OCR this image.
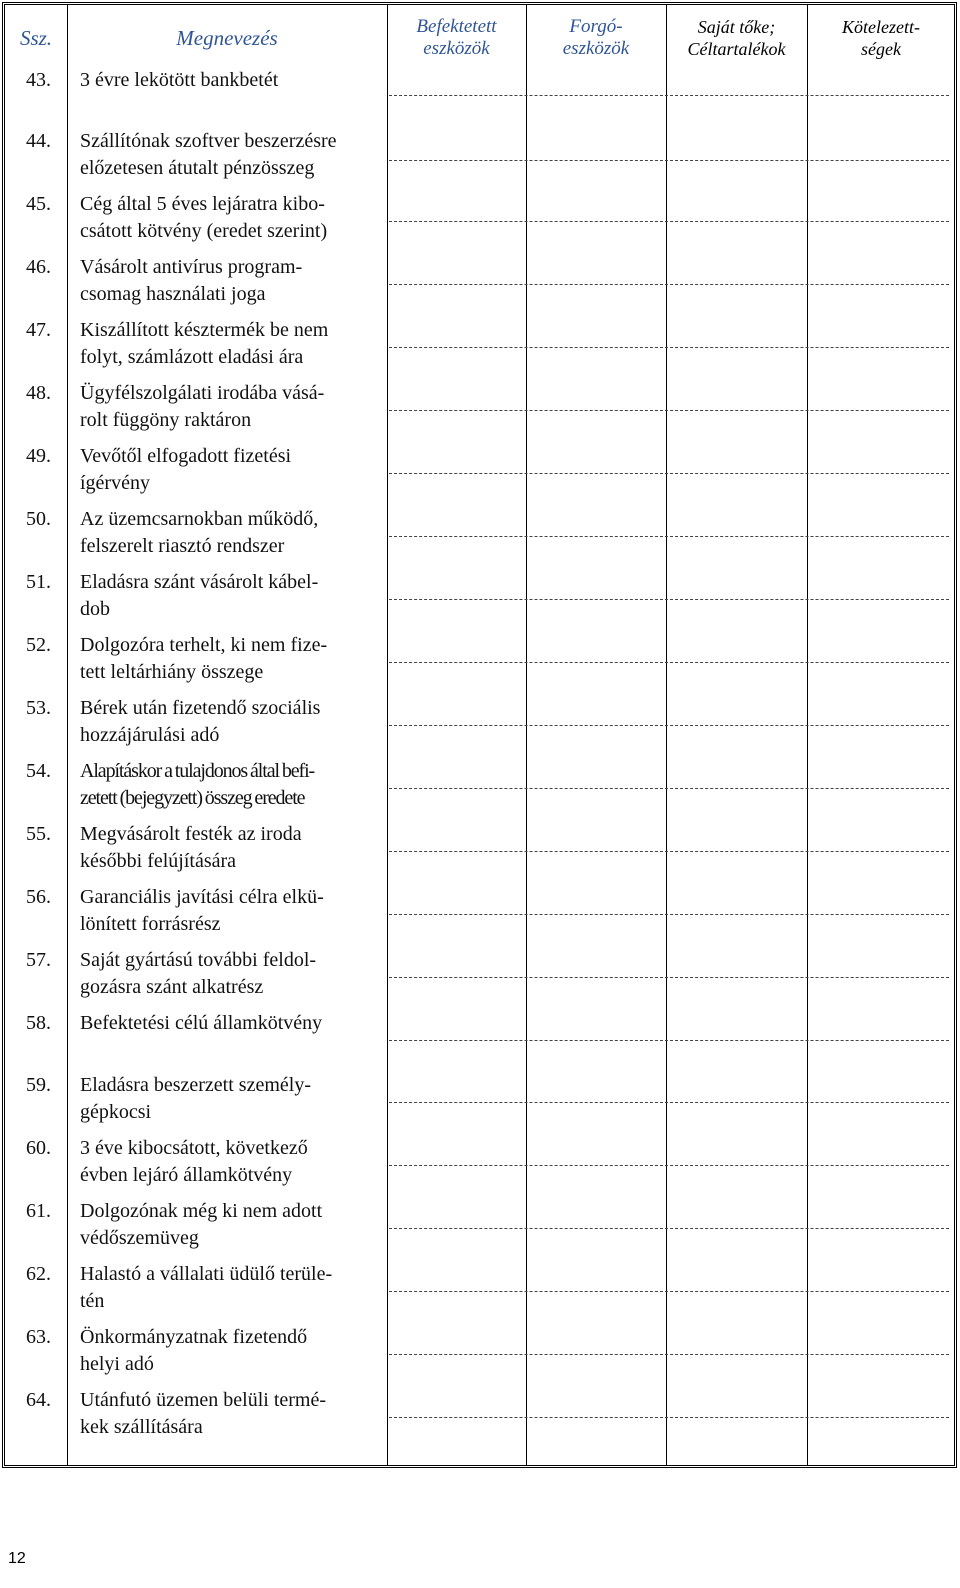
Ssz.	Megnevezés	Befektetett
eszközök
Forgó-
eszközök
Saját tőke;
Céltartalékok
Kötelezett-
ségek
43. 3 évre lekötött bankbetét
44. Szállítónak szoftver beszerzésre
előzetesen átutalt pénzösszeg
45. Cég által 5 éves lejáratra kibo-
csátott kötvény (eredet szerint)
46. Vásárolt antivírus program-
csomag használati joga
47. Kiszállított késztermék be nem
folyt, számlázott eladási ára
48. Ügyfélszolgálati irodába vásá-
rolt függöny raktáron
49. Vevőtől elfogadott fizetési
ígérvény
50. Az üzemcsarnokban működő,
felszerelt riasztó rendszer
51. Eladásra szánt vásárolt kábel-
dob
52. Dolgozóra terhelt, ki nem fize-
tett leltárhiány összege
53. Bérek után fizetendő szociális
hozzájárulási adó
54. Alapításkor a tulajdonos által befi-
zetett (bejegyzett) összeg eredete
55. Megvásárolt festék az iroda
későbbi felújítására
56. Garanciális javítási célra elkü-
lönített forrásrész
57. Saját gyártású további feldol-
gozásra szánt alkatrész
58. Befektetési célú államkötvény
59. Eladásra beszerzett személy-
gépkocsi
60. 3 éve kibocsátott, következő
évben lejáró államkötvény
61. Dolgozónak még ki nem adott
védőszemüveg
62. Halastó a vállalati üdülő terüle-
tén
63. Önkormányzatnak fizetendő
helyi adó
64. Utánfutó üzemen belüli termé-
kek szállítására
12
